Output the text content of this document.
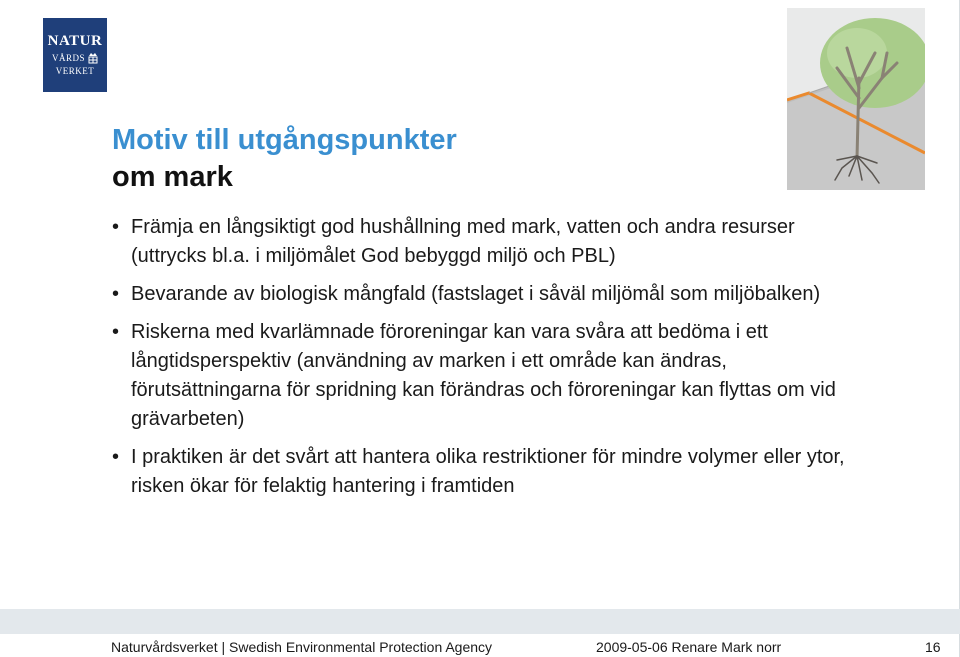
NATUR
VÅRDS
VERKET
Motiv till utgångspunkter
om mark
• Främja en långsiktigt god hushållning med mark, vatten och andra resurser (uttrycks bl.a. i miljömålet God bebyggd miljö och PBL)
• Bevarande av biologisk mångfald (fastslaget i såväl miljömål som miljöbalken)
• Riskerna med kvarlämnade föroreningar kan vara svåra att bedöma i ett långtidsperspektiv (användning av marken i ett område kan ändras, förutsättningarna för spridning kan förändras och föroreningar kan flyttas om vid grävarbeten)
• I praktiken är det svårt att hantera olika restriktioner för mindre volymer eller ytor, risken ökar för felaktig hantering i framtiden
Naturvårdsverket | Swedish Environmental Protection Agency	2009-05-06 Renare Mark norr	16
